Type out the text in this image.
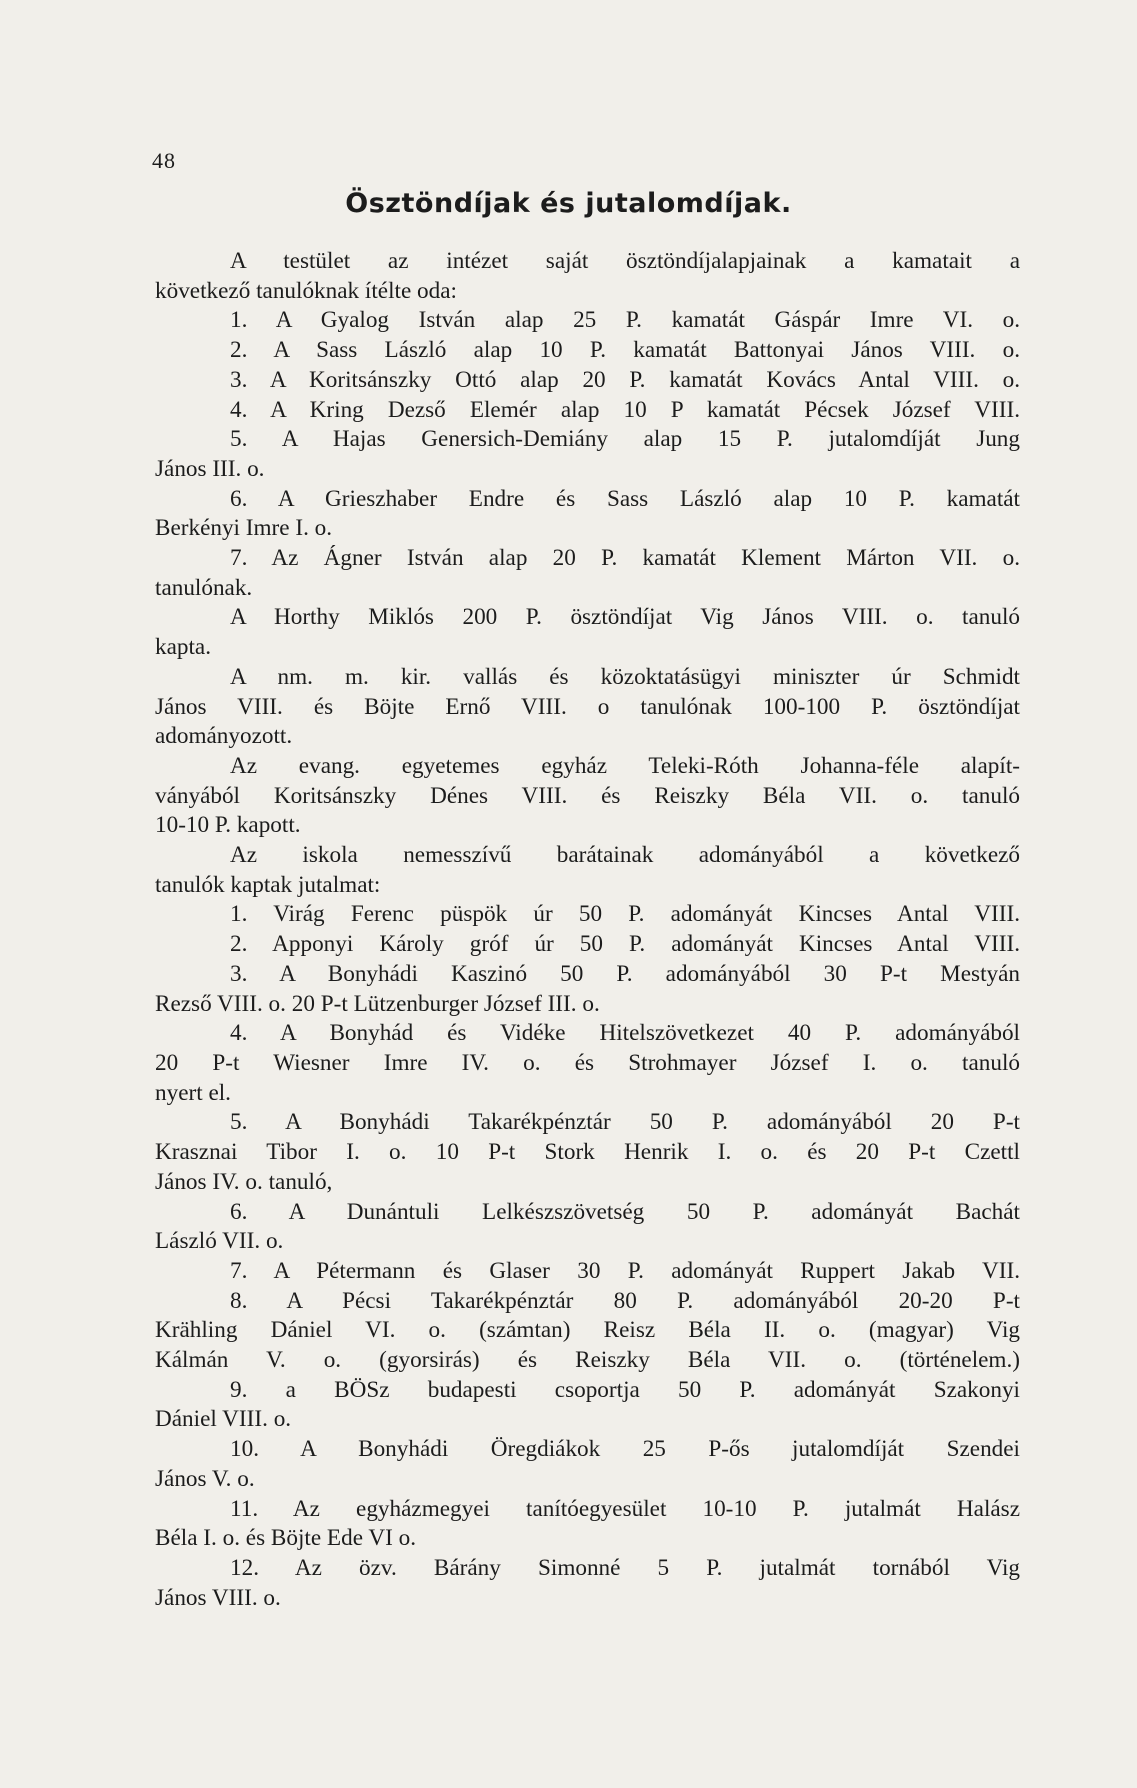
48
Ösztöndíjak és jutalomdíjak.
A testület az intézet saját ösztöndíjalapjainak a kamatait a
következő tanulóknak ítélte oda:
1. A Gyalog István alap 25 P. kamatát Gáspár Imre VI. o.
2. A Sass László alap 10 P. kamatát Battonyai János VIII. o.
3. A Koritsánszky Ottó alap 20 P. kamatát Kovács Antal VIII. o.
4. A Kring Dezső Elemér alap 10 P kamatát Pécsek József VIII.
5. A Hajas Genersich-Demiány alap 15 P. jutalomdíját Jung
János III. o.
6. A Grieszhaber Endre és Sass László alap 10 P. kamatát
Berkényi Imre I. o.
7. Az Ágner István alap 20 P. kamatát Klement Márton VII. o.
tanulónak.
A Horthy Miklós 200 P. ösztöndíjat Vig János VIII. o. tanuló
kapta.
A nm. m. kir. vallás és közoktatásügyi miniszter úr Schmidt
János VIII. és Böjte Ernő VIII. o tanulónak 100-100 P. ösztöndíjat
adományozott.
Az evang. egyetemes egyház Teleki-Róth Johanna-féle alapít-
ványából Koritsánszky Dénes VIII. és Reiszky Béla VII. o. tanuló
10-10 P. kapott.
Az iskola nemesszívű barátainak adományából a következő
tanulók kaptak jutalmat:
1. Virág Ferenc püspök úr 50 P. adományát Kincses Antal VIII.
2. Apponyi Károly gróf úr 50 P. adományát Kincses Antal VIII.
3. A Bonyhádi Kaszinó 50 P. adományából 30 P-t Mestyán
Rezső VIII. o. 20 P-t Lützenburger József III. o.
4. A Bonyhád és Vidéke Hitelszövetkezet 40 P. adományából
20 P-t Wiesner Imre IV. o. és Strohmayer József I. o. tanuló
nyert el.
5. A Bonyhádi Takarékpénztár 50 P. adományából 20 P-t
Krasznai Tibor I. o. 10 P-t Stork Henrik I. o. és 20 P-t Czettl
János IV. o. tanuló,
6. A Dunántuli Lelkészszövetség 50 P. adományát Bachát
László VII. o.
7. A Pétermann és Glaser 30 P. adományát Ruppert Jakab VII.
8. A Pécsi Takarékpénztár 80 P. adományából 20-20 P-t
Krähling Dániel VI. o. (számtan) Reisz Béla II. o. (magyar) Vig
Kálmán V. o. (gyorsirás) és Reiszky Béla VII. o. (történelem.)
9. a BÖSz budapesti csoportja 50 P. adományát Szakonyi
Dániel VIII. o.
10. A Bonyhádi Öregdiákok 25 P-ős jutalomdíját Szendei
János V. o.
11. Az egyházmegyei tanítóegyesület 10-10 P. jutalmát Halász
Béla I. o. és Böjte Ede VI o.
12. Az özv. Bárány Simonné 5 P. jutalmát tornából Vig
János VIII. o.
